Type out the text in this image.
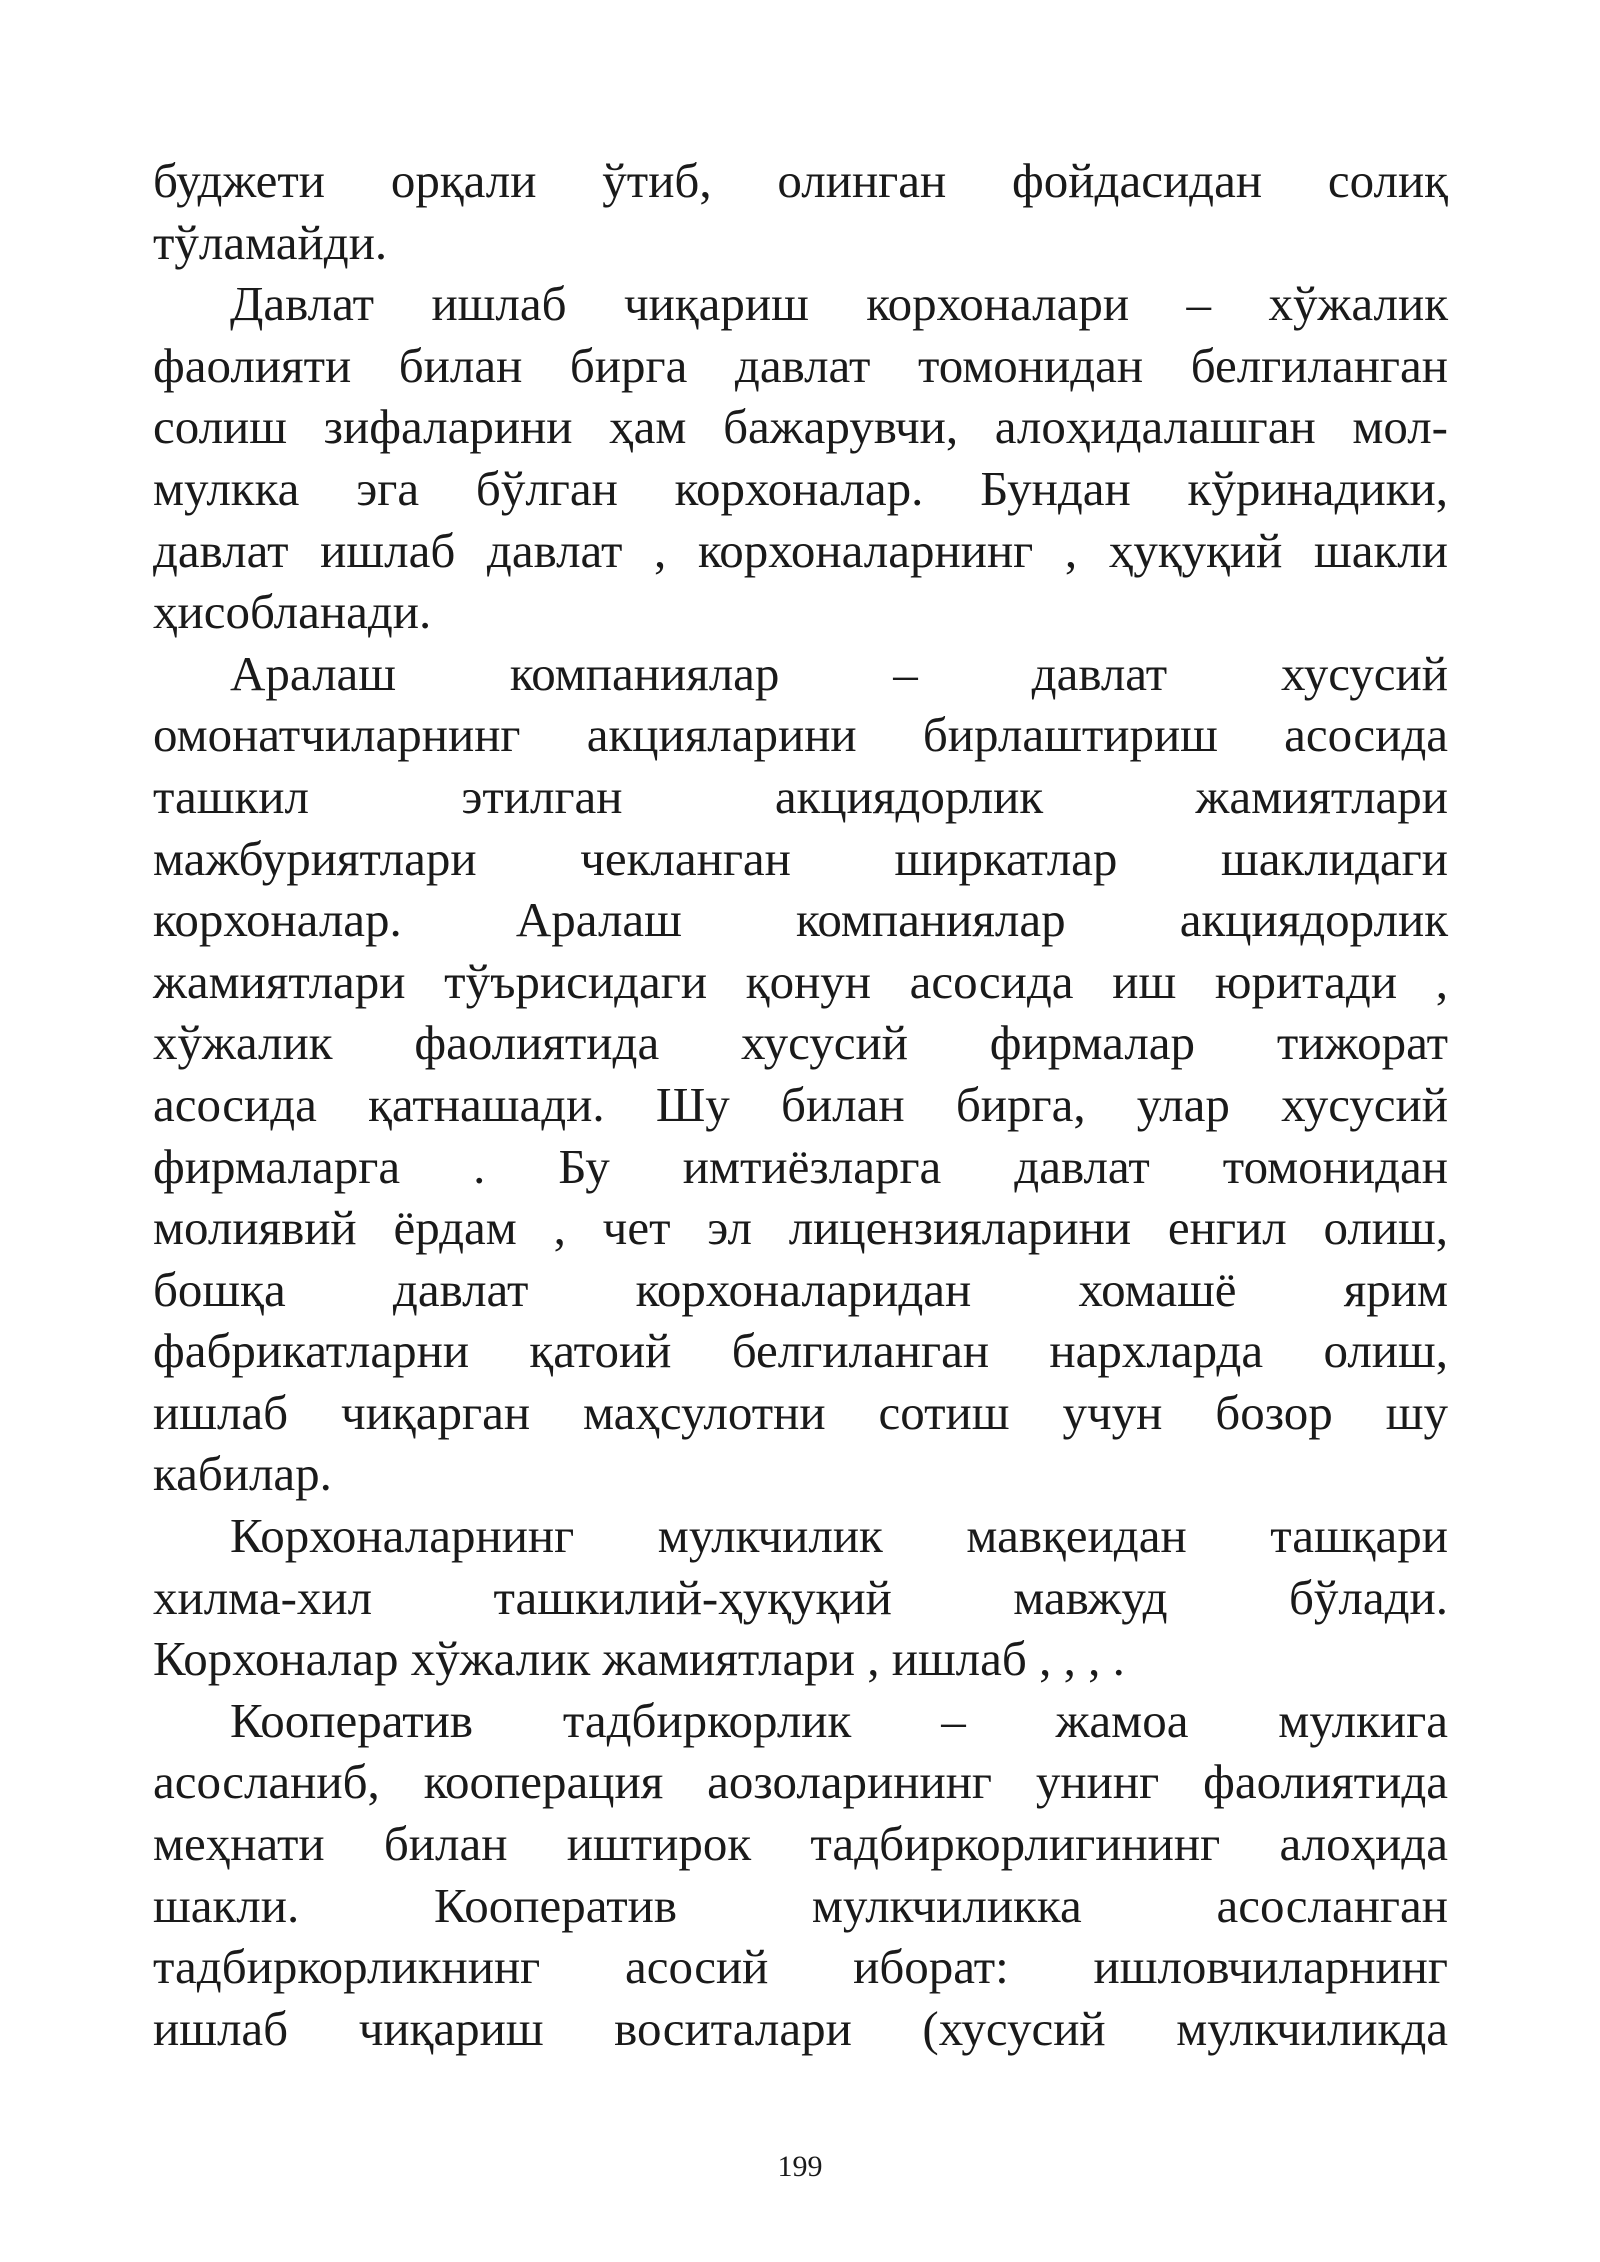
буджети орқали ўтиб, олинган фойдасидан солиқ
тўламайди.
Давлат ишлаб чиқариш корхоналари – хўжалик
фаолияти билан бирга давлат томонидан белгиланган
солиш зифаларини ҳам бажарувчи, алоҳидалашган мол-
мулкка эга бўлган корхоналар. Бундан кўринадики,
давлат ишлаб давлат , корхоналарнинг , ҳуқуқий шакли
ҳисобланади.
Аралаш компаниялар – давлат хусусий
омонатчиларнинг акцияларини бирлаштириш асосида
ташкил этилган акциядорлик жамиятлари
мажбуриятлари чекланган ширкатлар шаклидаги
корхоналар. Аралаш компаниялар акциядорлик
жамиятлари тўърисидаги қонун асосида иш юритади ,
хўжалик фаолиятида хусусий фирмалар тижорат
асосида қатнашади. Шу билан бирга, улар хусусий
фирмаларга . Бу имтиёзларга давлат томонидан
молиявий ёрдам , чет эл лицензияларини енгил олиш,
бошқа давлат корхоналаридан хомашё ярим
фабрикатларни қатоий белгиланган нархларда олиш,
ишлаб чиқарган маҳсулотни сотиш учун бозор шу
кабилар.
Корхоналарнинг мулкчилик мавқеидан ташқари
хилма-хил ташкилий-ҳуқуқий мавжуд бўлади.
Корхоналар хўжалик жамиятлари , ишлаб , , , .
Кооператив тадбиркорлик – жамоа мулкига
асосланиб, кооперация аозоларининг унинг фаолиятида
меҳнати билан иштирок тадбиркорлигининг алоҳида
шакли. Кооператив мулкчиликка асосланган
тадбиркорликнинг асосий иборат: ишловчиларнинг
ишлаб чиқариш воситалари (хусусий мулкчиликда
199
